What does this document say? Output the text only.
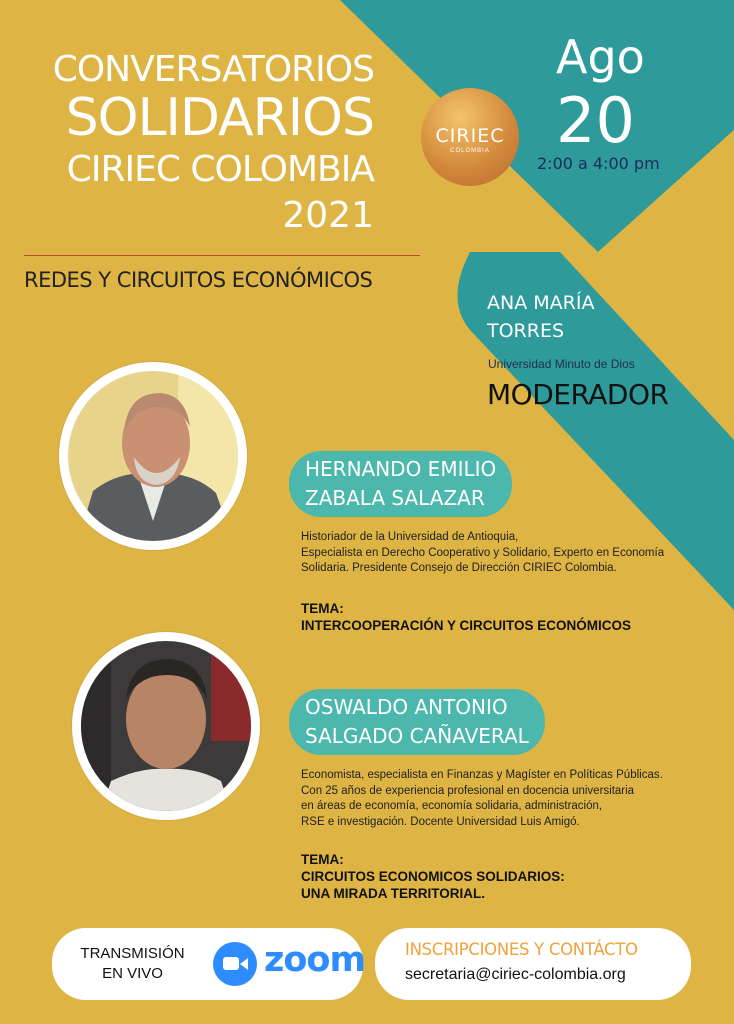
CONVERSATORIOS
SOLIDARIOS
CIRIEC COLOMBIA
2021
REDES Y CIRCUITOS ECONÓMICOS
CIRIEC
COLOMBIA
Ago
20
2:00 a 4:00 pm
ANA MARÍA
TORRES
Universidad Minuto de Dios
MODERADOR
HERNANDO EMILIO
ZABALA SALAZAR
Historiador de la Universidad de Antioquia,
Especialista en Derecho Cooperativo y Solidario, Experto en Economía
Solidaria. Presidente Consejo de Dirección CIRIEC Colombia.
TEMA:
INTERCOOPERACIÓN Y CIRCUITOS ECONÓMICOS
OSWALDO ANTONIO
SALGADO CAÑAVERAL
Economista, especialista en Finanzas y Magíster en Políticas Públicas.
Con 25 años de experiencia profesional en docencia universitaria
en áreas de economía, economía solidaria, administración,
RSE e investigación. Docente Universidad Luis Amigó.
TEMA:
CIRCUITOS ECONOMICOS SOLIDARIOS:
UNA MIRADA TERRITORIAL.
TRANSMISIÓN
EN VIVO	zoom INSCRIPCIONES Y CONTÁCTO
secretaria@ciriec-colombia.org
